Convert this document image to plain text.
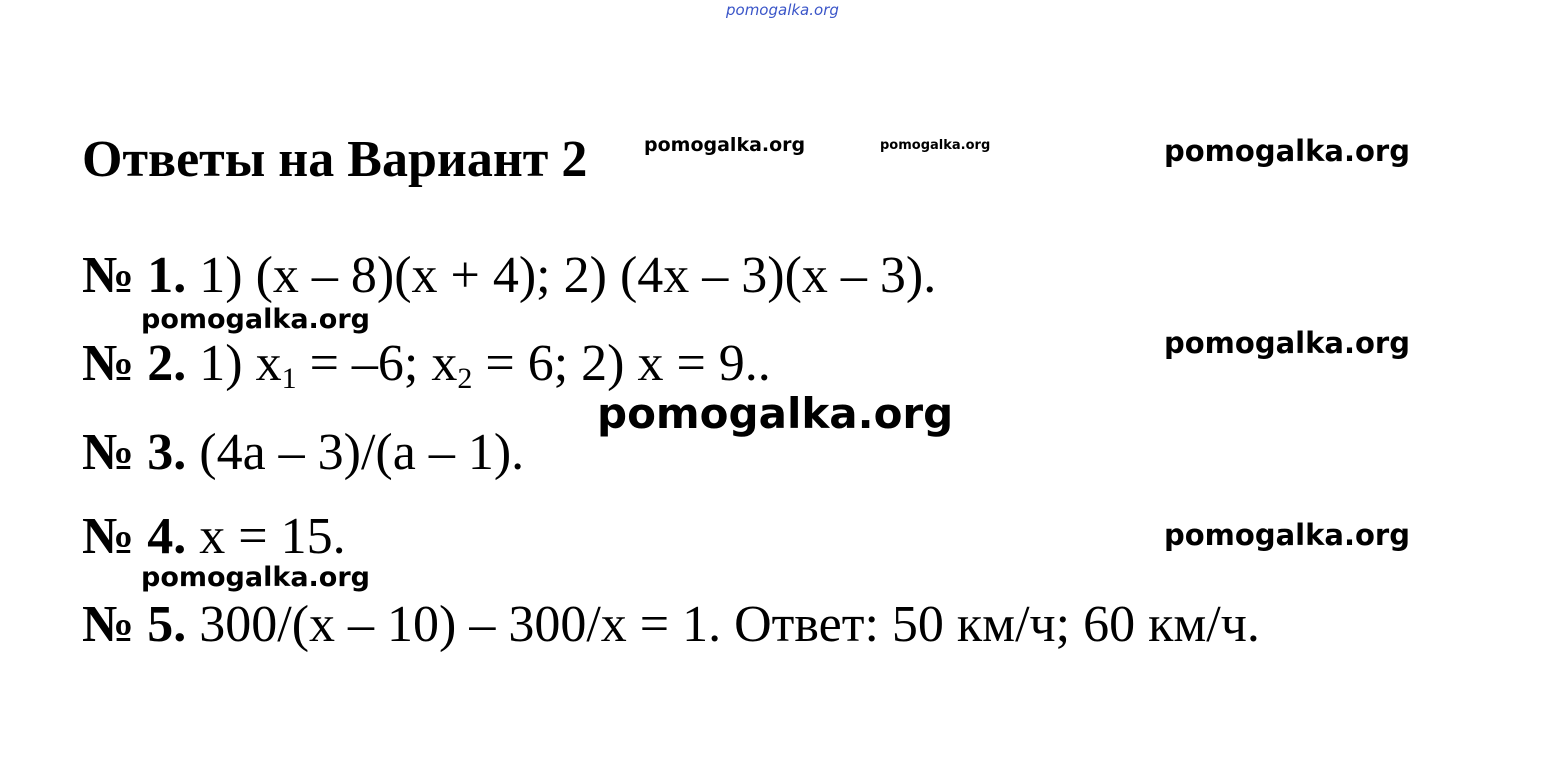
pomogalka.org
Ответы на Вариант 2	pomogalka.org	pomogalka.org	pomogalka.org

№ 1. 1) (x – 8)(x + 4); 2) (4x – 3)(x – 3).

pomogalka.org
pomogalka.org

№ 2. 1) $x_1 = -6$; $x_2 = 6$; 2) x = 9..

pomogalka.org

№ 3. (4a – 3)/(a – 1).

№ 4. x = 15.	pomogalka.org
pomogalka.org

№ 5. 300/(x – 10) – 300/x = 1. Ответ: 50 км/ч; 60 км/ч.
